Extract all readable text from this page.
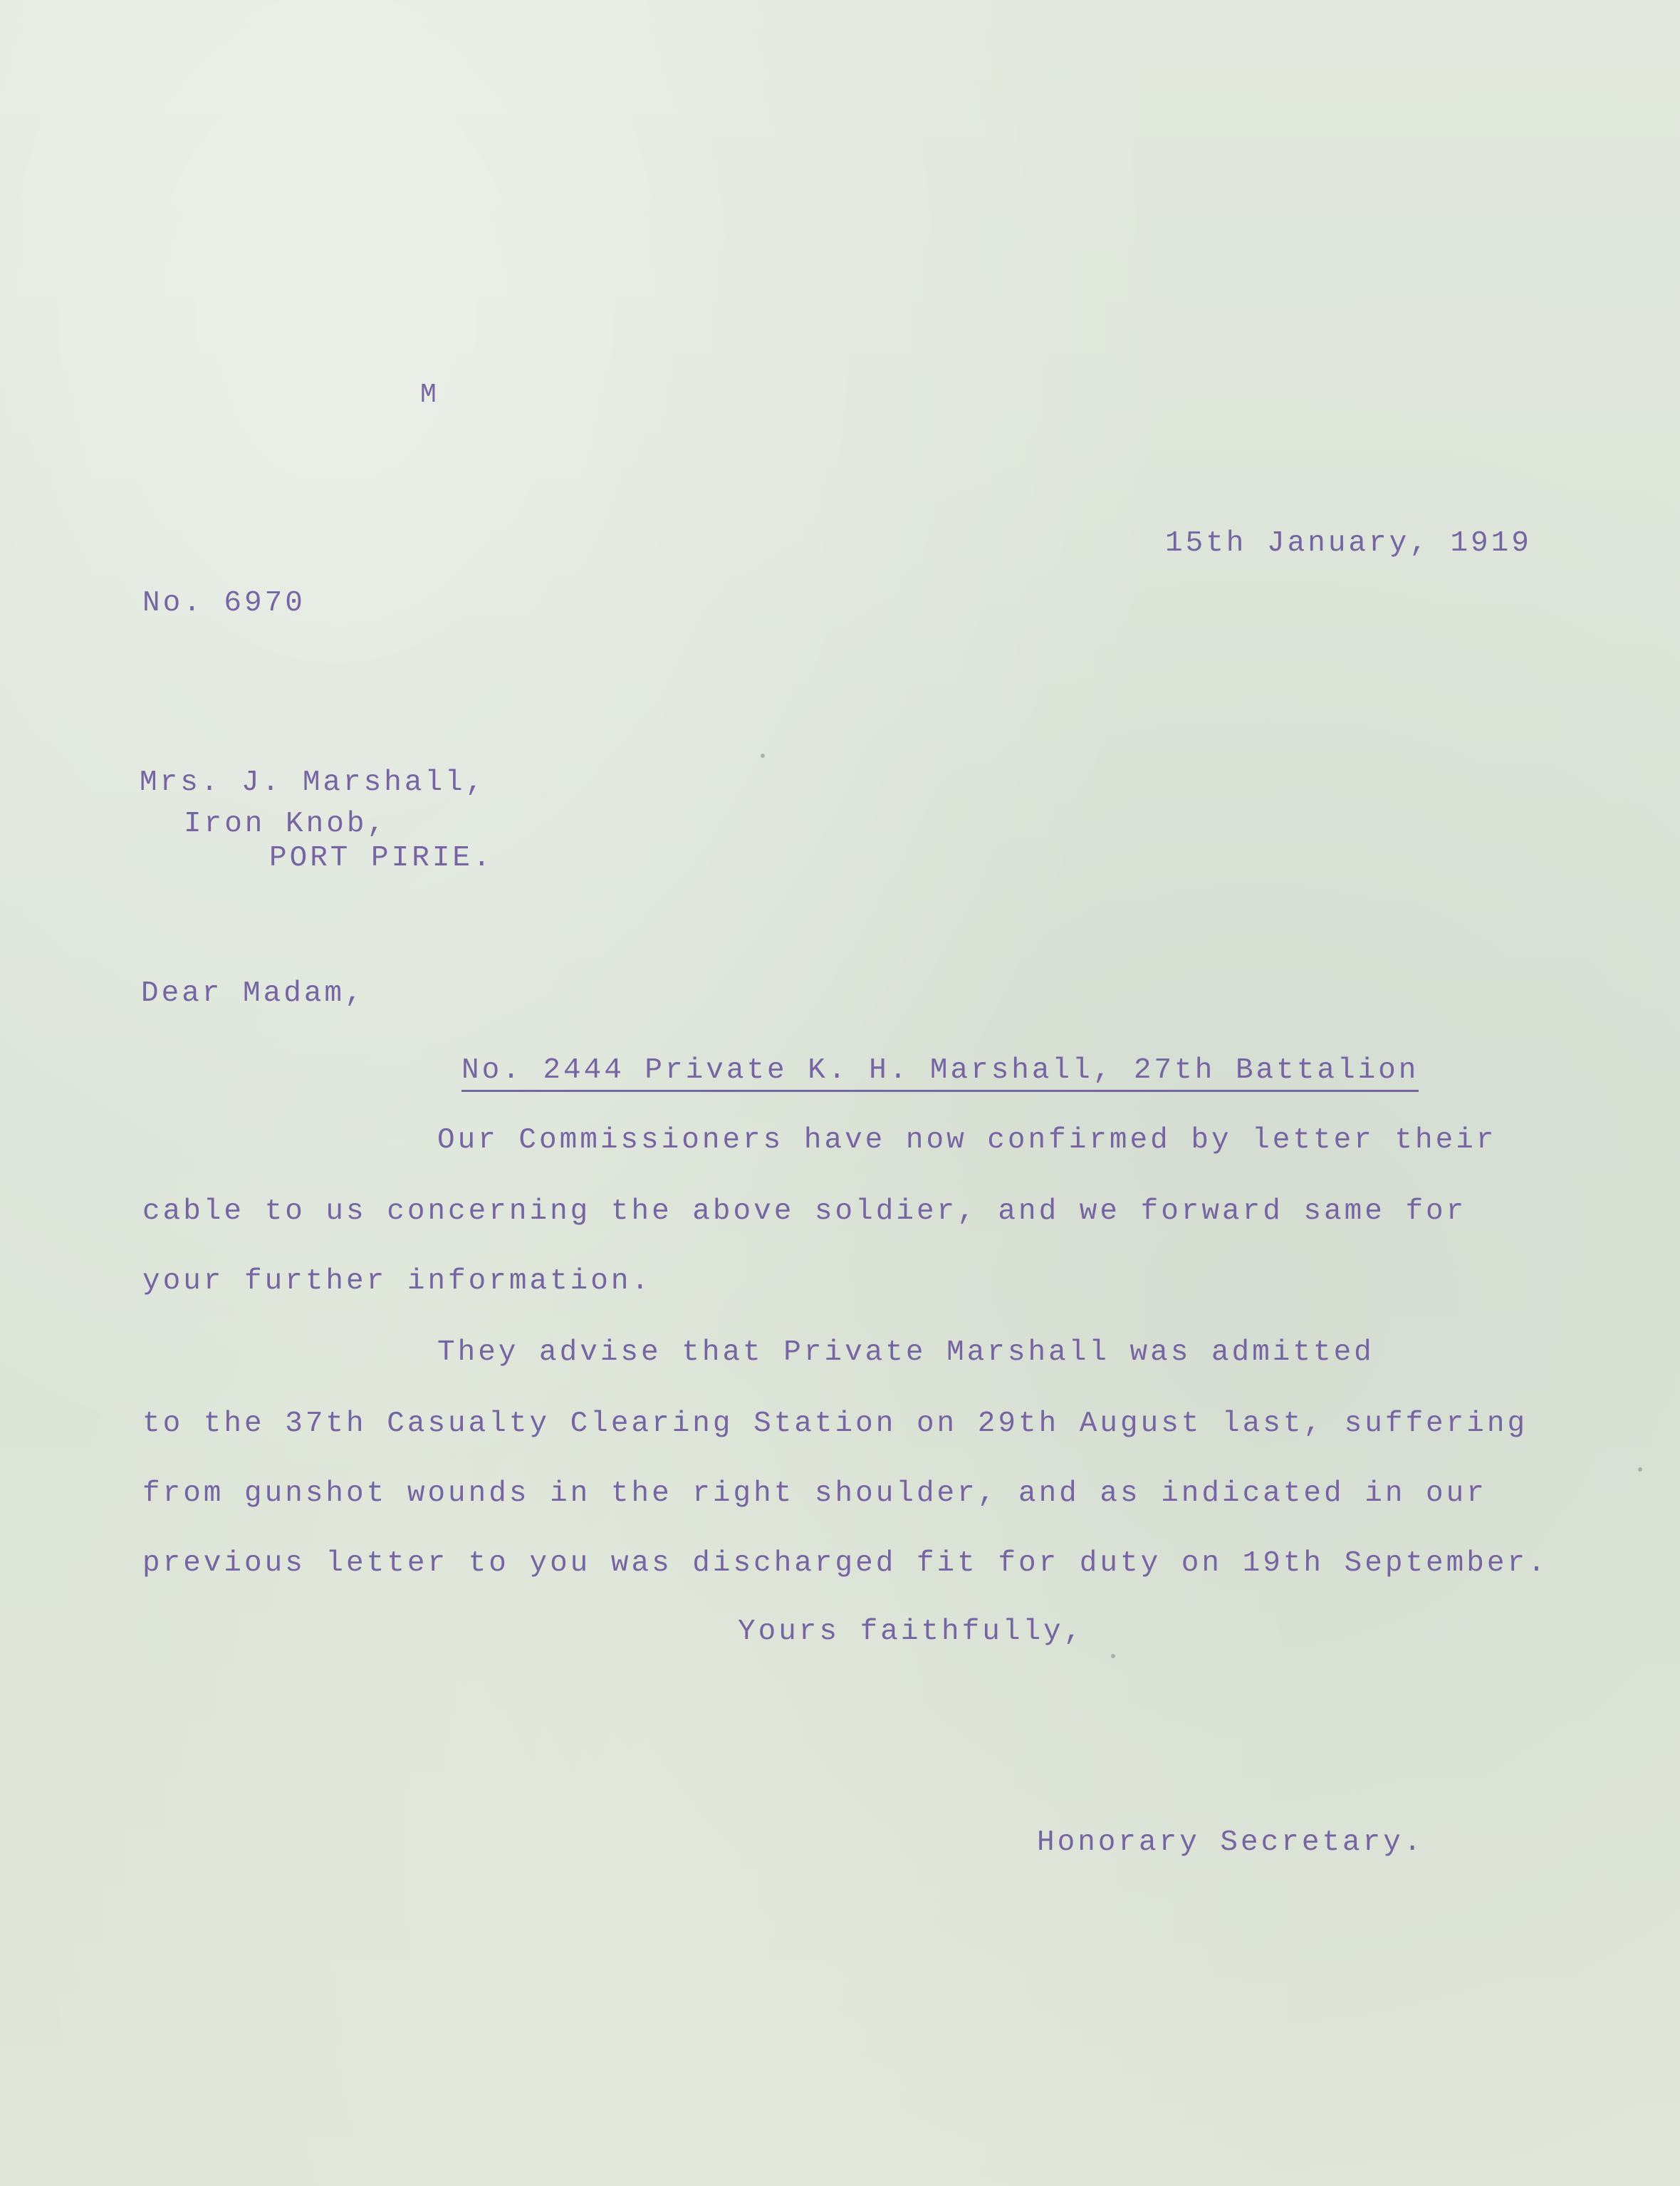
M
15th January, 1919
No. 6970
Mrs. J. Marshall,
Iron Knob,
PORT PIRIE.
Dear Madam,
No. 2444 Private K. H. Marshall, 27th Battalion
Our Commissioners have now confirmed by letter their
cable to us concerning the above soldier, and we forward same for
your further information.
They advise that Private Marshall was admitted
to the 37th Casualty Clearing Station on 29th August last, suffering
from gunshot wounds in the right shoulder, and as indicated in our
previous letter to you was discharged fit for duty on 19th September.
Yours faithfully,
Honorary Secretary.
